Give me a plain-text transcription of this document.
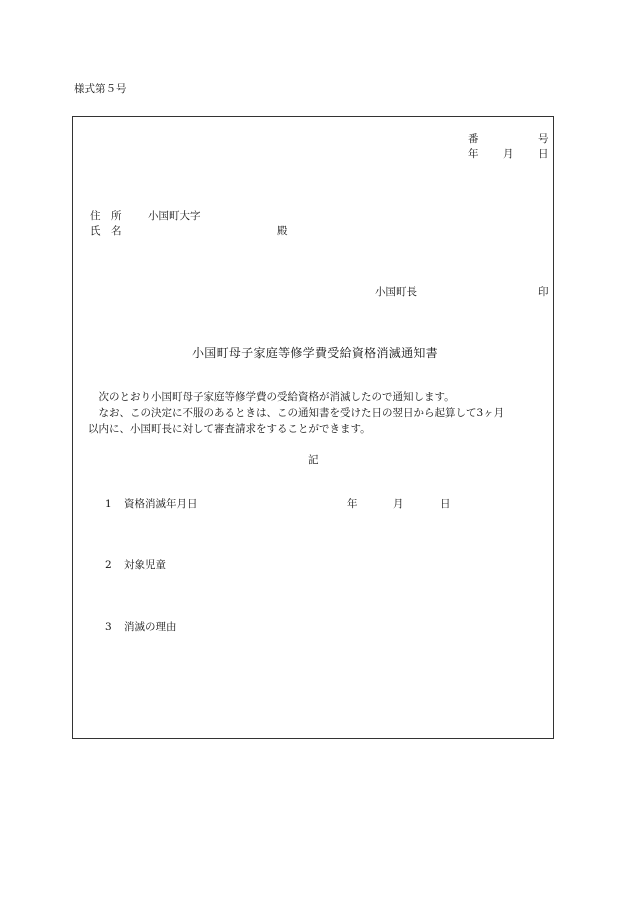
様式第５号
番	号
年 月 日
住　所	小国町大字
氏　名	殿
小国町長	印
小国町母子家庭等修学費受給資格消滅通知書
　次のとおり小国町母子家庭等修学費の受給資格が消滅したので通知します。
　なお、この決定に不服のあるときは、この通知書を受けた日の翌日から起算して3ヶ月
以内に、小国町長に対して審査請求をすることができます。
記
1 資格消滅年月日	年	月	日
2 対象児童
3 消滅の理由
